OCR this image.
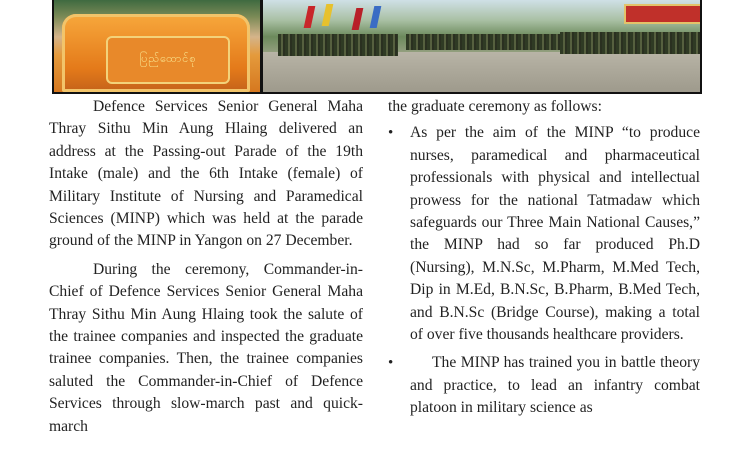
ပြည်ထောင်စု

Defence Services Senior General Maha Thray Sithu Min Aung Hlaing delivered an address at the Passing-out Parade of the 19th Intake (male) and the 6th Intake (female) of Military Institute of Nursing and Paramedical Sciences (MINP) which was held at the parade ground of the MINP in Yangon on 27 December.

During the ceremony, Commander-in-Chief of Defence Services Senior General Maha Thray Sithu Min Aung Hlaing took the salute of the trainee companies and inspected the graduate trainee companies. Then, the trainee companies saluted the Commander-in-Chief of Defence Services through slow-march past and quick-march

the graduate ceremony as follows:

• As per the aim of the MINP “to produce nurses, paramedical and pharmaceutical professionals with physical and intellectual prowess for the national Tatmadaw which safeguards our Three Main National Causes,” the MINP had so far produced Ph.D (Nursing), M.N.Sc, M.Pharm, M.Med Tech, Dip in M.Ed, B.N.Sc, B.Pharm, B.Med Tech, and B.N.Sc (Bridge Course), making a total of over five thousands healthcare providers.
•	The MINP has trained you in battle theory and practice, to lead an infantry combat platoon in military science as
